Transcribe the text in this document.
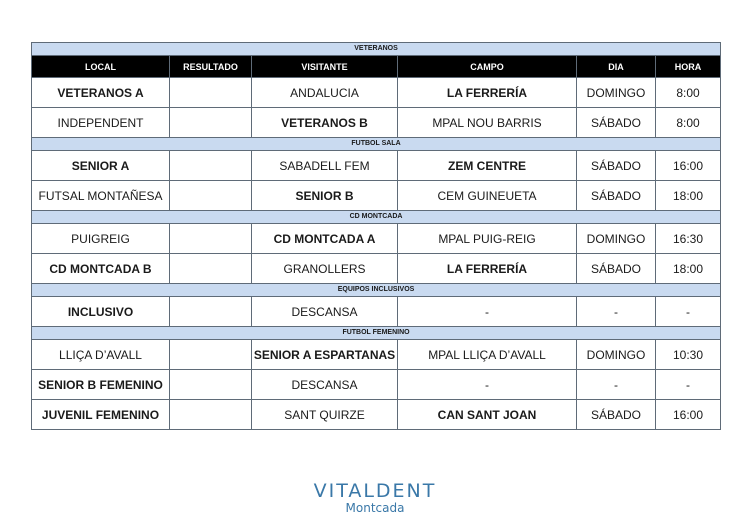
VETERANOS					
LOCAL	RESULTADO	VISITANTE	CAMPO	DIA	HORA
VETERANOS A		ANDALUCIA	LA FERRERÍA	DOMINGO	8:00
INDEPENDENT		VETERANOS B	MPAL NOU BARRIS	SÁBADO	8:00
FUTBOL SALA					
SENIOR A		SABADELL FEM	ZEM CENTRE	SÁBADO	16:00
FUTSAL MONTAÑESA		SENIOR B	CEM GUINEUETA	SÁBADO	18:00
CD MONTCADA					
PUIGREIG		CD MONTCADA A	MPAL PUIG-REIG	DOMINGO	16:30
CD MONTCADA B		GRANOLLERS	LA FERRERÍA	SÁBADO	18:00
EQUIPOS INCLUSIVOS					
INCLUSIVO		DESCANSA	-	-	-
FUTBOL FEMENINO					
LLIÇA D’AVALL		SENIOR A ESPARTANAS	MPAL LLIÇA D’AVALL	DOMINGO	10:30
SENIOR B FEMENINO		DESCANSA	-	-	-
JUVENIL FEMENINO		SANT QUIRZE	CAN SANT JOAN	SÁBADO	16:00
VITALDENT
Montcada
